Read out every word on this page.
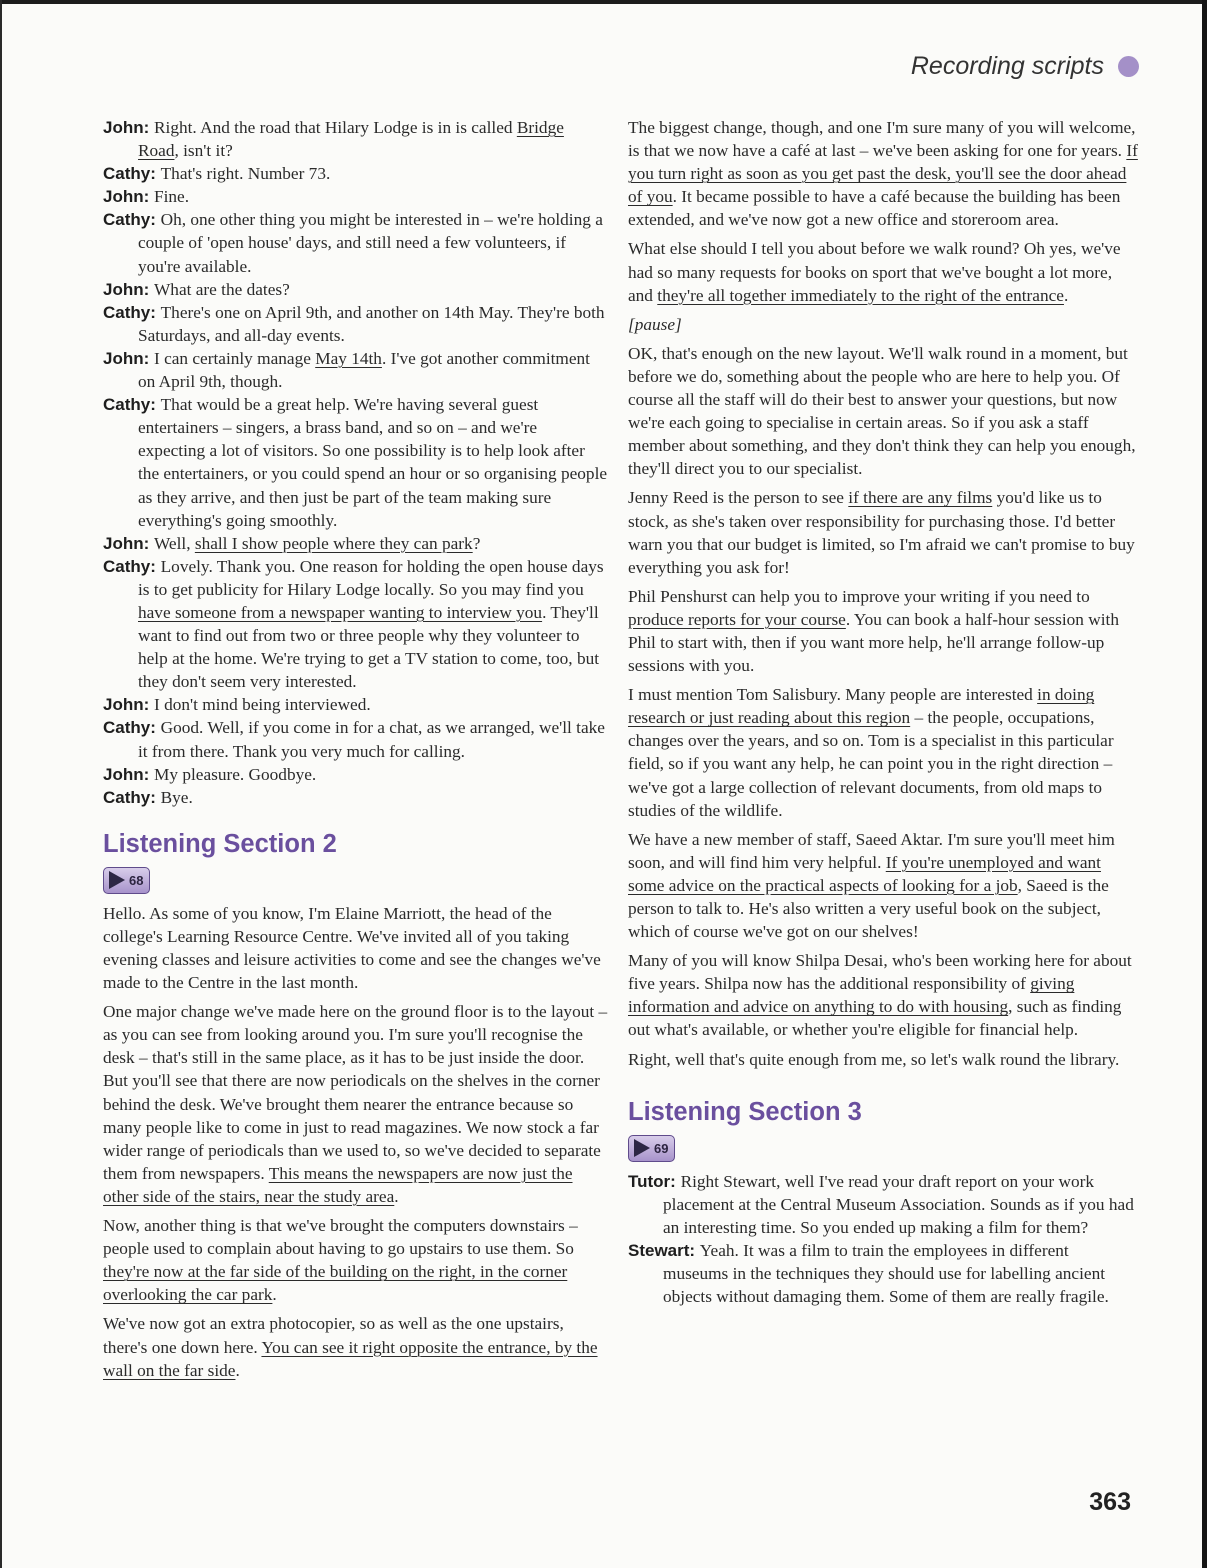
Recording scripts

John: Right. And the road that Hilary Lodge is in is called Bridge Road, isn't it?

Cathy: That's right. Number 73.

John: Fine.

Cathy: Oh, one other thing you might be interested in – we're holding a couple of 'open house' days, and still need a few volunteers, if you're available.

John: What are the dates?

Cathy: There's one on April 9th, and another on 14th May. They're both Saturdays, and all-day events.

John: I can certainly manage May 14th. I've got another commitment on April 9th, though.

Cathy: That would be a great help. We're having several guest entertainers – singers, a brass band, and so on – and we're expecting a lot of visitors. So one possibility is to help look after the entertainers, or you could spend an hour or so organising people as they arrive, and then just be part of the team making sure everything's going smoothly.

John: Well, shall I show people where they can park?

Cathy: Lovely. Thank you. One reason for holding the open house days is to get publicity for Hilary Lodge locally. So you may find you have someone from a newspaper wanting to interview you. They'll want to find out from two or three people why they volunteer to help at the home. We're trying to get a TV station to come, too, but they don't seem very interested.

John: I don't mind being interviewed.

Cathy: Good. Well, if you come in for a chat, as we arranged, we'll take it from there. Thank you very much for calling.

John: My pleasure. Goodbye.

Cathy: Bye.

Listening Section 2
68

Hello. As some of you know, I'm Elaine Marriott, the head of the college's Learning Resource Centre. We've invited all of you taking evening classes and leisure activities to come and see the changes we've made to the Centre in the last month.

One major change we've made here on the ground floor is to the layout – as you can see from looking around you. I'm sure you'll recognise the desk – that's still in the same place, as it has to be just inside the door. But you'll see that there are now periodicals on the shelves in the corner behind the desk. We've brought them nearer the entrance because so many people like to come in just to read magazines. We now stock a far wider range of periodicals than we used to, so we've decided to separate them from newspapers. This means the newspapers are now just the other side of the stairs, near the study area.

Now, another thing is that we've brought the computers downstairs – people used to complain about having to go upstairs to use them. So they're now at the far side of the building on the right, in the corner overlooking the car park.

We've now got an extra photocopier, so as well as the one upstairs, there's one down here. You can see it right opposite the entrance, by the wall on the far side.

The biggest change, though, and one I'm sure many of you will welcome, is that we now have a café at last – we've been asking for one for years. If you turn right as soon as you get past the desk, you'll see the door ahead of you. It became possible to have a café because the building has been extended, and we've now got a new office and storeroom area.

What else should I tell you about before we walk round? Oh yes, we've had so many requests for books on sport that we've bought a lot more, and they're all together immediately to the right of the entrance.

[pause]

OK, that's enough on the new layout. We'll walk round in a moment, but before we do, something about the people who are here to help you. Of course all the staff will do their best to answer your questions, but now we're each going to specialise in certain areas. So if you ask a staff member about something, and they don't think they can help you enough, they'll direct you to our specialist.

Jenny Reed is the person to see if there are any films you'd like us to stock, as she's taken over responsibility for purchasing those. I'd better warn you that our budget is limited, so I'm afraid we can't promise to buy everything you ask for!

Phil Penshurst can help you to improve your writing if you need to produce reports for your course. You can book a half-hour session with Phil to start with, then if you want more help, he'll arrange follow-up sessions with you.

I must mention Tom Salisbury. Many people are interested in doing research or just reading about this region – the people, occupations, changes over the years, and so on. Tom is a specialist in this particular field, so if you want any help, he can point you in the right direction – we've got a large collection of relevant documents, from old maps to studies of the wildlife.

We have a new member of staff, Saeed Aktar. I'm sure you'll meet him soon, and will find him very helpful. If you're unemployed and want some advice on the practical aspects of looking for a job, Saeed is the person to talk to. He's also written a very useful book on the subject, which of course we've got on our shelves!

Many of you will know Shilpa Desai, who's been working here for about five years. Shilpa now has the additional responsibility of giving information and advice on anything to do with housing, such as finding out what's available, or whether you're eligible for financial help.

Right, well that's quite enough from me, so let's walk round the library.

Listening Section 3
69

Tutor: Right Stewart, well I've read your draft report on your work placement at the Central Museum Association. Sounds as if you had an interesting time. So you ended up making a film for them?

Stewart: Yeah. It was a film to train the employees in different museums in the techniques they should use for labelling ancient objects without damaging them. Some of them are really fragile.

363
